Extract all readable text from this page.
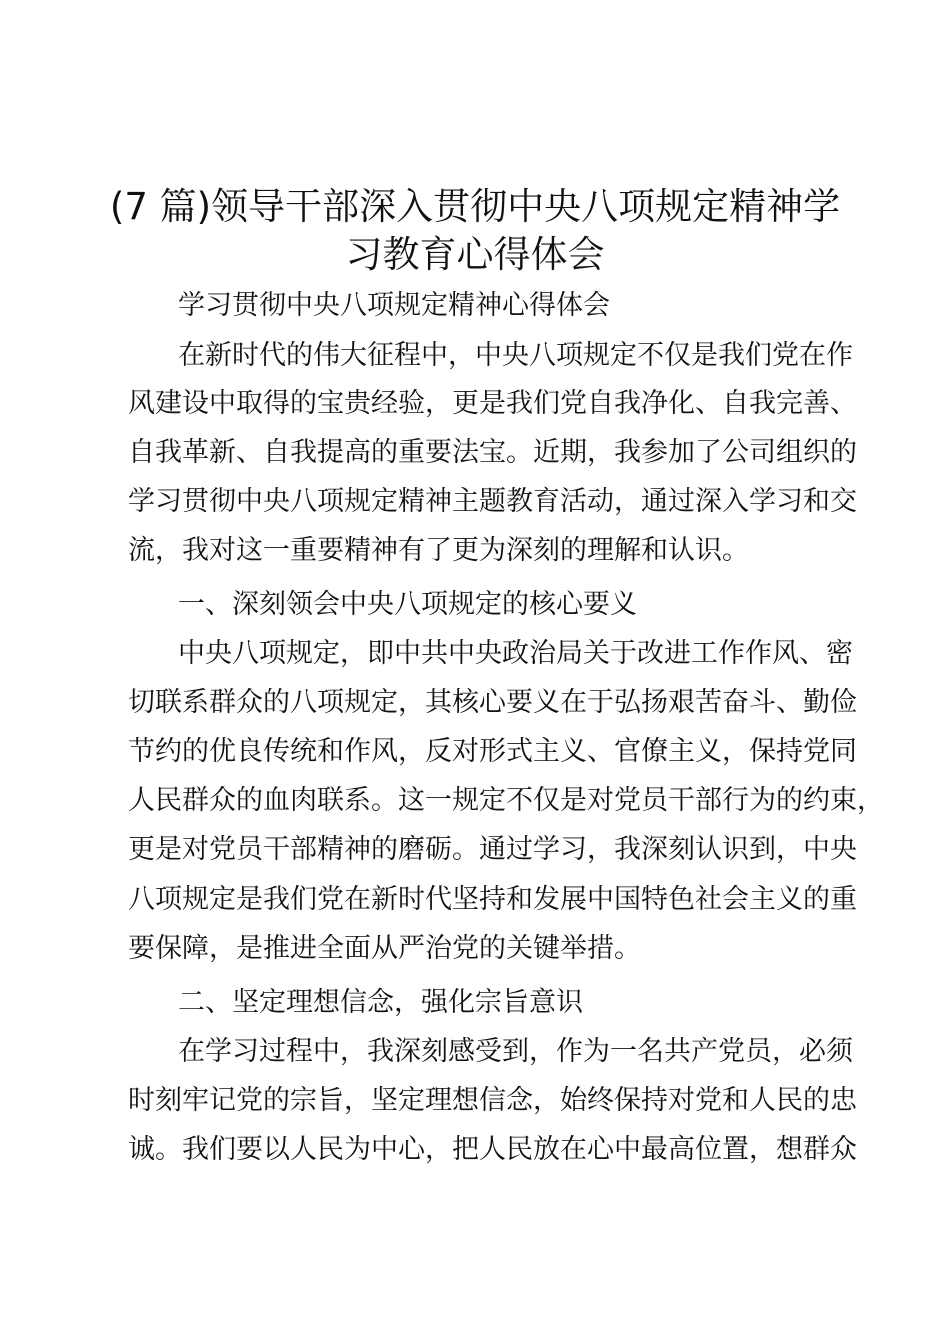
(7 篇)领导干部深入贯彻中央八项规定精神学
习教育心得体会
学习贯彻中央八项规定精神心得体会
在新时代的伟大征程中，中央八项规定不仅是我们党在作
风建设中取得的宝贵经验，更是我们党自我净化、自我完善、
自我革新、自我提高的重要法宝。近期，我参加了公司组织的
学习贯彻中央八项规定精神主题教育活动，通过深入学习和交
流，我对这一重要精神有了更为深刻的理解和认识。
一、深刻领会中央八项规定的核心要义
中央八项规定，即中共中央政治局关于改进工作作风、密
切联系群众的八项规定，其核心要义在于弘扬艰苦奋斗、勤俭
节约的优良传统和作风，反对形式主义、官僚主义，保持党同
人民群众的血肉联系。这一规定不仅是对党员干部行为的约束，
更是对党员干部精神的磨砺。通过学习，我深刻认识到，中央
八项规定是我们党在新时代坚持和发展中国特色社会主义的重
要保障，是推进全面从严治党的关键举措。
二、坚定理想信念，强化宗旨意识
在学习过程中，我深刻感受到，作为一名共产党员，必须
时刻牢记党的宗旨，坚定理想信念，始终保持对党和人民的忠
诚。我们要以人民为中心，把人民放在心中最高位置，想群众
